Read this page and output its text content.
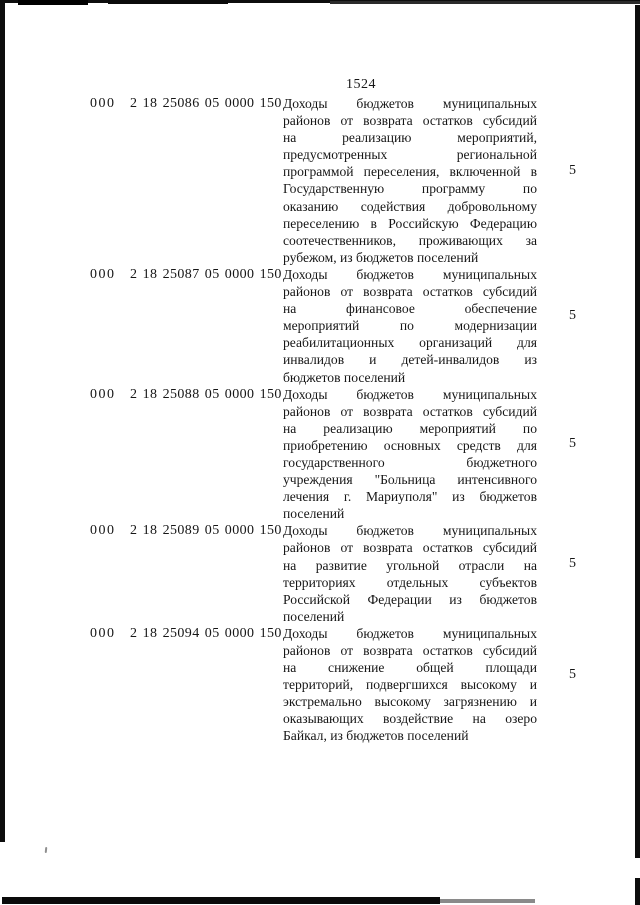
1524
000	2 18 25086 05 0000 150 Доходы бюджетов муниципальных
районов от возврата остатков субсидий
на реализацию мероприятий,
предусмотренных региональной
программой переселения, включенной в
Государственную программу по
оказанию содействия добровольному
переселению в Российскую Федерацию
соотечественников, проживающих за
рубежом, из бюджетов поселений
5
000	2 18 25087 05 0000 150 Доходы бюджетов муниципальных
районов от возврата остатков субсидий
на финансовое обеспечение
мероприятий по модернизации
реабилитационных организаций для
инвалидов и детей-инвалидов из
бюджетов поселений
5
000	2 18 25088 05 0000 150 Доходы бюджетов муниципальных
районов от возврата остатков субсидий
на реализацию мероприятий по
приобретению основных средств для
государственного бюджетного
учреждения "Больница интенсивного
лечения г. Мариуполя" из бюджетов
поселений
5
000	2 18 25089 05 0000 150 Доходы бюджетов муниципальных
районов от возврата остатков субсидий
на развитие угольной отрасли на
территориях отдельных субъектов
Российской Федерации из бюджетов
поселений
5
000	2 18 25094 05 0000 150 Доходы бюджетов муниципальных
районов от возврата остатков субсидий
на снижение общей площади
территорий, подвергшихся высокому и
экстремально высокому загрязнению и
оказывающих воздействие на озеро
Байкал, из бюджетов поселений
5
